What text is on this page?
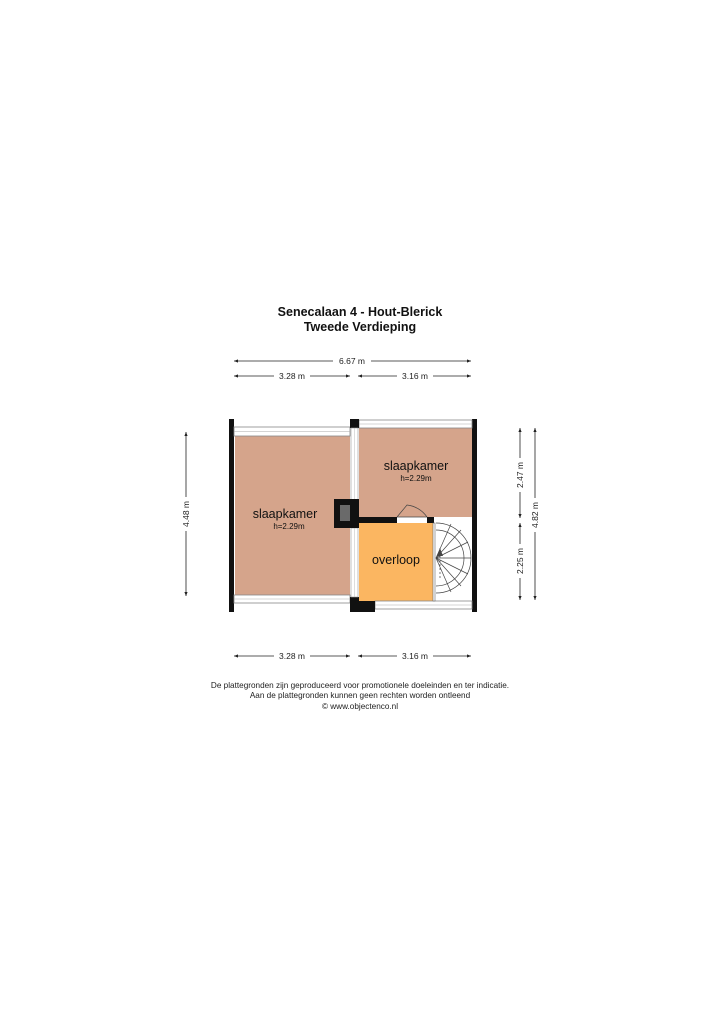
Senecalaan 4 - Hout-Blerick
Tweede Verdieping
6.67 m
3.28 m	3.16 m
3.28 m	3.16 m
4.48 m
2.47 m
2.25 m
4.82 m
slaapkamer
h=2.29m
slaapkamer
h=2.29m
overloop
De plattegronden zijn geproduceerd voor promotionele doeleinden en ter indicatie.
Aan de plattegronden kunnen geen rechten worden ontleend
© www.objectenco.nl
